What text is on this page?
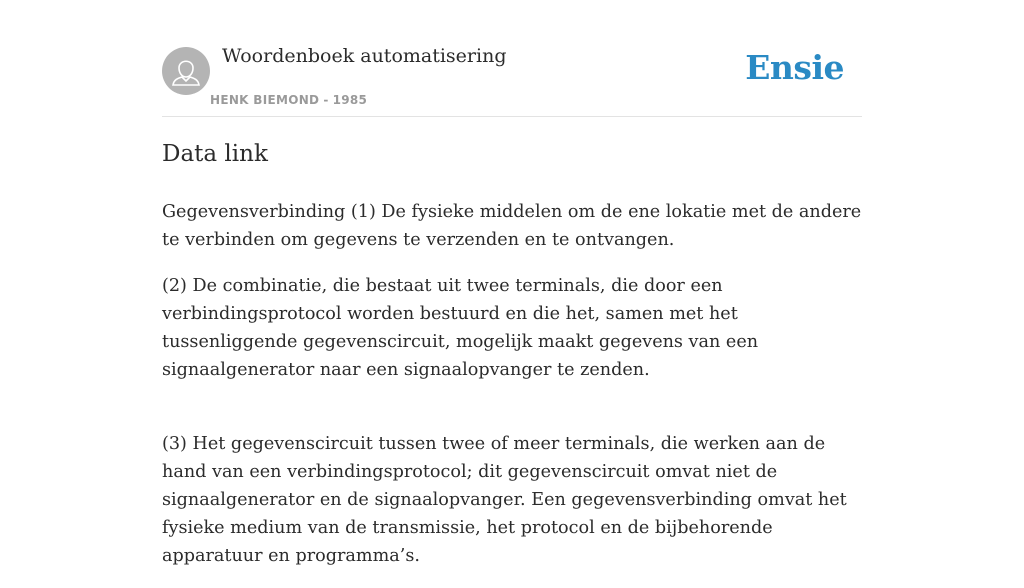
Woordenboek automatisering
HENK BIEMOND - 1985
Ensie
Data link

Gegevensverbinding (1) De fysieke middelen om de ene lokatie met de andere te verbinden om gegevens te verzenden en te ontvangen.

(2) De combinatie, die bestaat uit twee terminals, die door een verbindingsprotocol worden bestuurd en die het, samen met het tussenliggende gegevenscircuit, mogelijk maakt gegevens van een signaalgenerator naar een signaalopvanger te zenden.

(3) Het gegevenscircuit tussen twee of meer terminals, die werken aan de hand van een verbindingsprotocol; dit gegevenscircuit omvat niet de signaalgenerator en de signaalopvanger. Een gegevensverbinding omvat het fysieke medium van de transmissie, het protocol en de bijbehorende apparatuur en programma’s.
